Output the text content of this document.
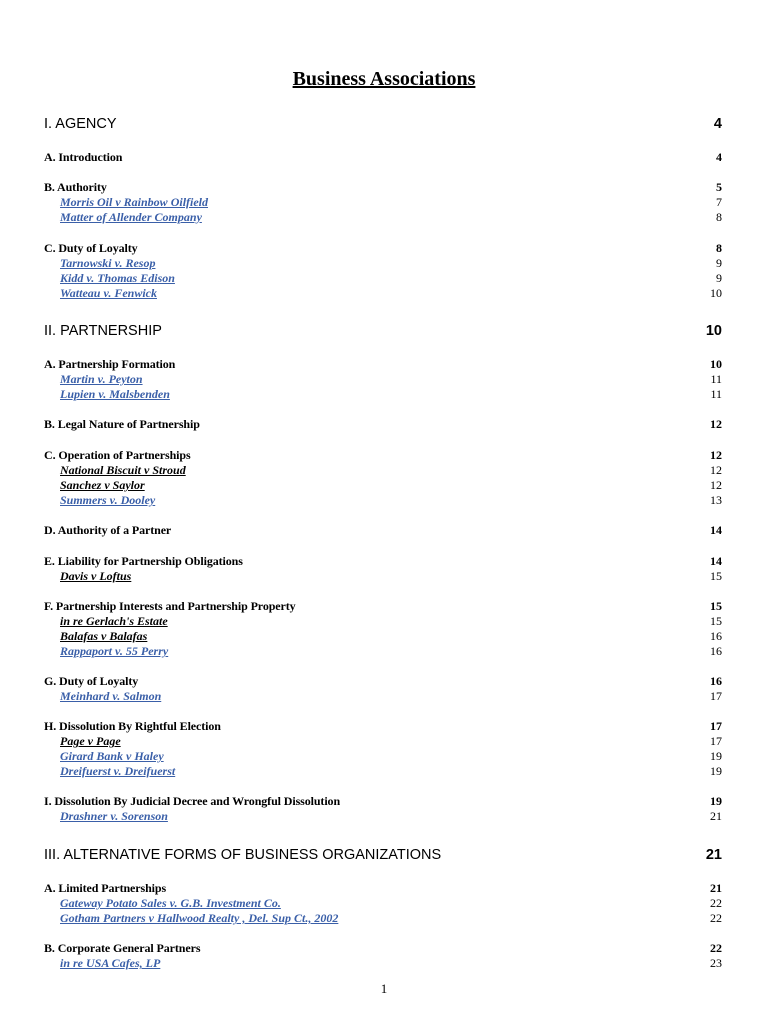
Business Associations
I. AGENCY	4
A. Introduction	4
B. Authority	5
Morris Oil v Rainbow Oilfield	7
Matter of Allender Company	8
C. Duty of Loyalty	8
Tarnowski v. Resop	9
Kidd v. Thomas Edison	9
Watteau v. Fenwick	10
II. PARTNERSHIP	10
A. Partnership Formation	10
Martin v. Peyton	11
Lupien v. Malsbenden	11
B. Legal Nature of Partnership	12
C. Operation of Partnerships	12
National Biscuit v Stroud	12
Sanchez v Saylor	12
Summers v. Dooley	13
D. Authority of a Partner	14
E. Liability for Partnership Obligations	14
Davis v Loftus	15
F. Partnership Interests and Partnership Property	15
in re Gerlach's Estate	15
Balafas v Balafas	16
Rappaport v. 55 Perry	16
G. Duty of Loyalty	16
Meinhard v. Salmon	17
H. Dissolution By Rightful Election	17
Page v Page	17
Girard Bank v Haley	19
Dreifuerst v. Dreifuerst	19
I. Dissolution By Judicial Decree and Wrongful Dissolution	19
Drashner v. Sorenson	21
III. ALTERNATIVE FORMS OF BUSINESS ORGANIZATIONS	21
A. Limited Partnerships	21
Gateway Potato Sales v. G.B. Investment Co.	22
Gotham Partners v Hallwood Realty , Del. Sup Ct., 2002	22
B. Corporate General Partners	22
in re USA Cafes, LP	23
1
